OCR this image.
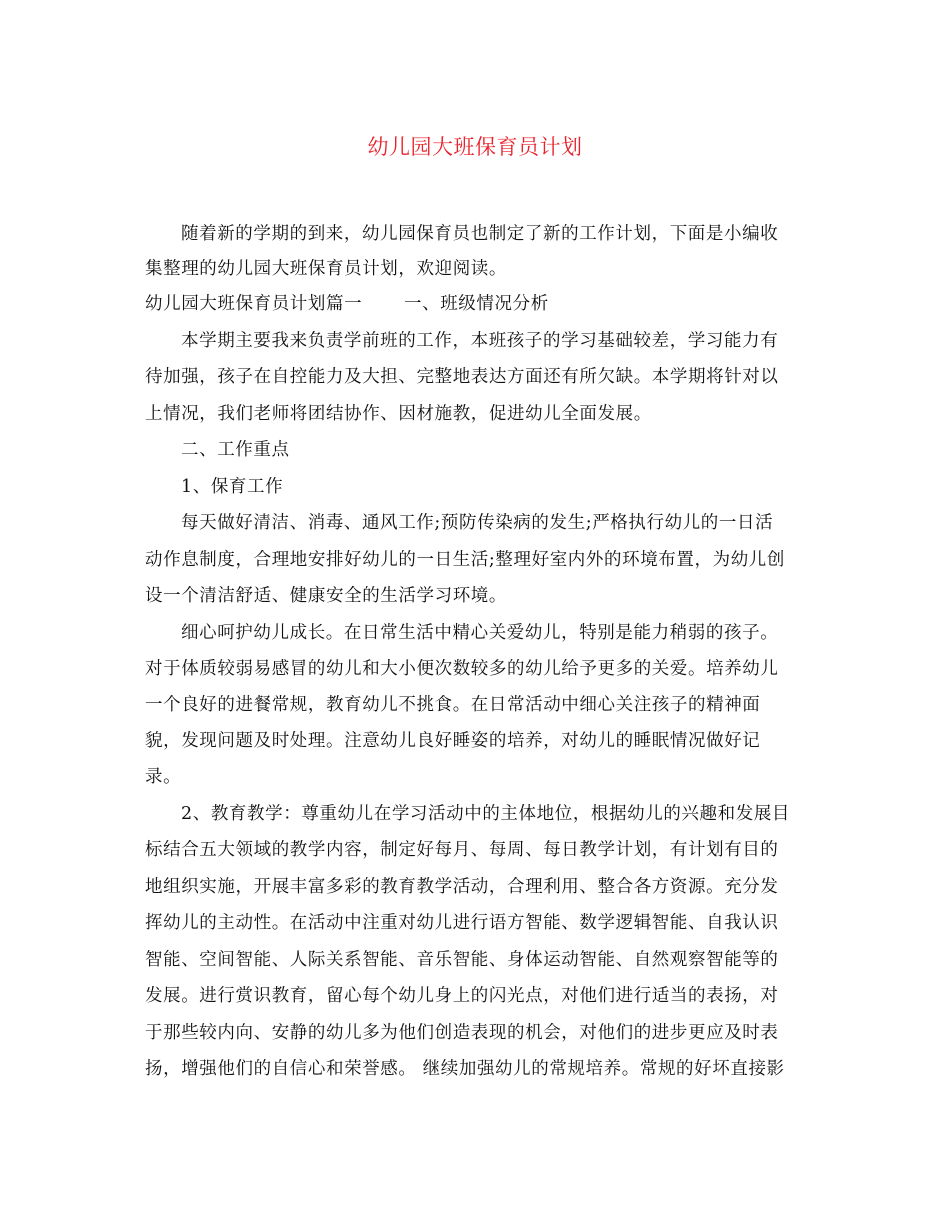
幼儿园大班保育员计划
随着新的学期的到来，幼儿园保育员也制定了新的工作计划，下面是小编收
集整理的幼儿园大班保育员计划，欢迎阅读。
幼儿园大班保育员计划篇一 一、班级情况分析
本学期主要我来负责学前班的工作，本班孩子的学习基础较差，学习能力有
待加强，孩子在自控能力及大担、完整地表达方面还有所欠缺。本学期将针对以
上情况，我们老师将团结协作、因材施教，促进幼儿全面发展。
二、工作重点
1、保育工作
每天做好清洁、消毒、通风工作;预防传染病的发生;严格执行幼儿的一日活
动作息制度，合理地安排好幼儿的一日生活;整理好室内外的环境布置，为幼儿创
设一个清洁舒适、健康安全的生活学习环境。
细心呵护幼儿成长。在日常生活中精心关爱幼儿，特别是能力稍弱的孩子。
对于体质较弱易感冒的幼儿和大小便次数较多的幼儿给予更多的关爱。培养幼儿
一个良好的进餐常规，教育幼儿不挑食。在日常活动中细心关注孩子的精神面
貌，发现问题及时处理。注意幼儿良好睡姿的培养，对幼儿的睡眠情况做好记
录。
2、教育教学：尊重幼儿在学习活动中的主体地位，根据幼儿的兴趣和发展目
标结合五大领域的教学内容，制定好每月、每周、每日教学计划，有计划有目的
地组织实施，开展丰富多彩的教育教学活动，合理利用、整合各方资源。充分发
挥幼儿的主动性。在活动中注重对幼儿进行语方智能、数学逻辑智能、自我认识
智能、空间智能、人际关系智能、音乐智能、身体运动智能、自然观察智能等的
发展。进行赏识教育，留心每个幼儿身上的闪光点，对他们进行适当的表扬，对
于那些较内向、安静的幼儿多为他们创造表现的机会，对他们的进步更应及时表
扬，增强他们的自信心和荣誉感。 继续加强幼儿的常规培养。常规的好坏直接影
